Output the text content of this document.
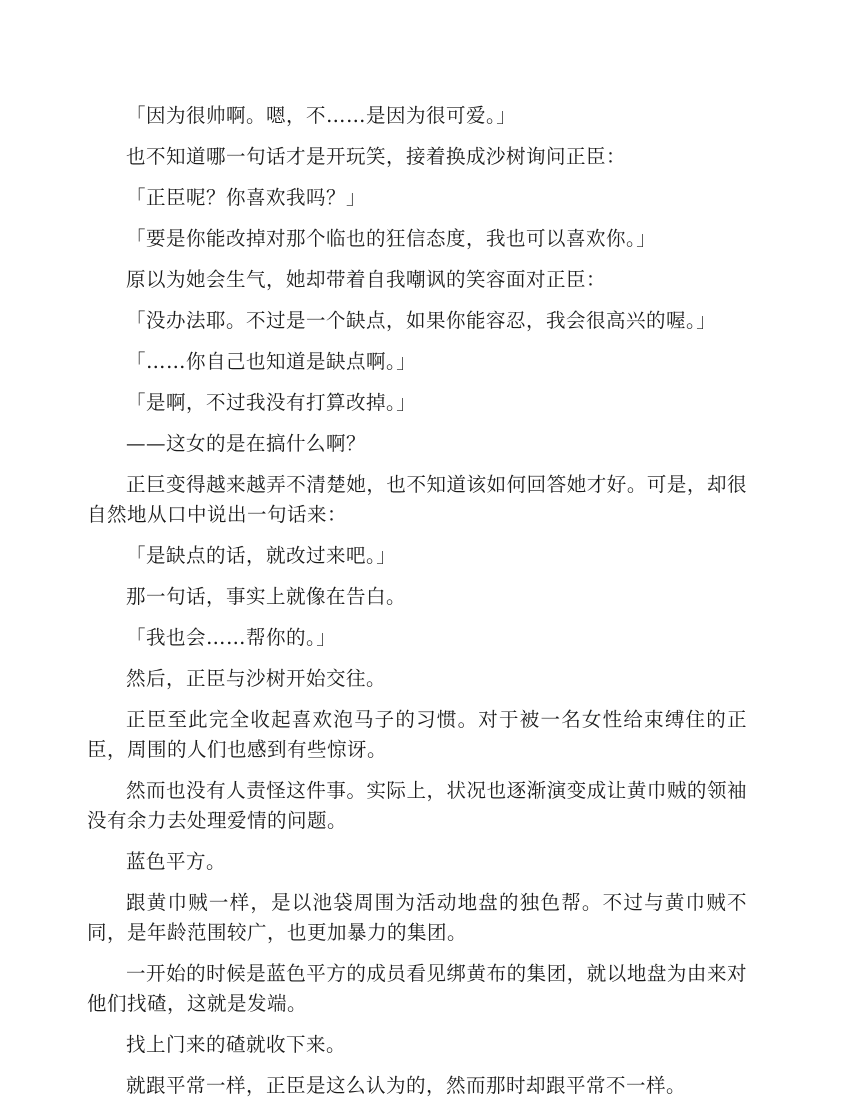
「因为很帅啊。嗯，不……是因为很可爱。」

也不知道哪一句话才是开玩笑，接着换成沙树询问正臣：

「正臣呢？你喜欢我吗？」

「要是你能改掉对那个临也的狂信态度，我也可以喜欢你。」

原以为她会生气，她却带着自我嘲讽的笑容面对正臣：

「没办法耶。不过是一个缺点，如果你能容忍，我会很高兴的喔。」

「……你自己也知道是缺点啊。」

「是啊，不过我没有打算改掉。」

——这女的是在搞什么啊？

正巨变得越来越弄不清楚她，也不知道该如何回答她才好。可是，却很自然地从口中说出一句话来：

「是缺点的话，就改过来吧。」

那一句话，事实上就像在告白。

「我也会……帮你的。」

然后，正臣与沙树开始交往。

正臣至此完全收起喜欢泡马子的习惯。对于被一名女性给束缚住的正臣，周围的人们也感到有些惊讶。

然而也没有人责怪这件事。实际上，状况也逐渐演变成让黄巾贼的领袖没有余力去处理爱情的问题。

蓝色平方。

跟黄巾贼一样，是以池袋周围为活动地盘的独色帮。不过与黄巾贼不同，是年龄范围较广，也更加暴力的集团。

一开始的时候是蓝色平方的成员看见绑黄布的集团，就以地盘为由来对他们找碴，这就是发端。

找上门来的碴就收下来。

就跟平常一样，正臣是这么认为的，然而那时却跟平常不一样。
